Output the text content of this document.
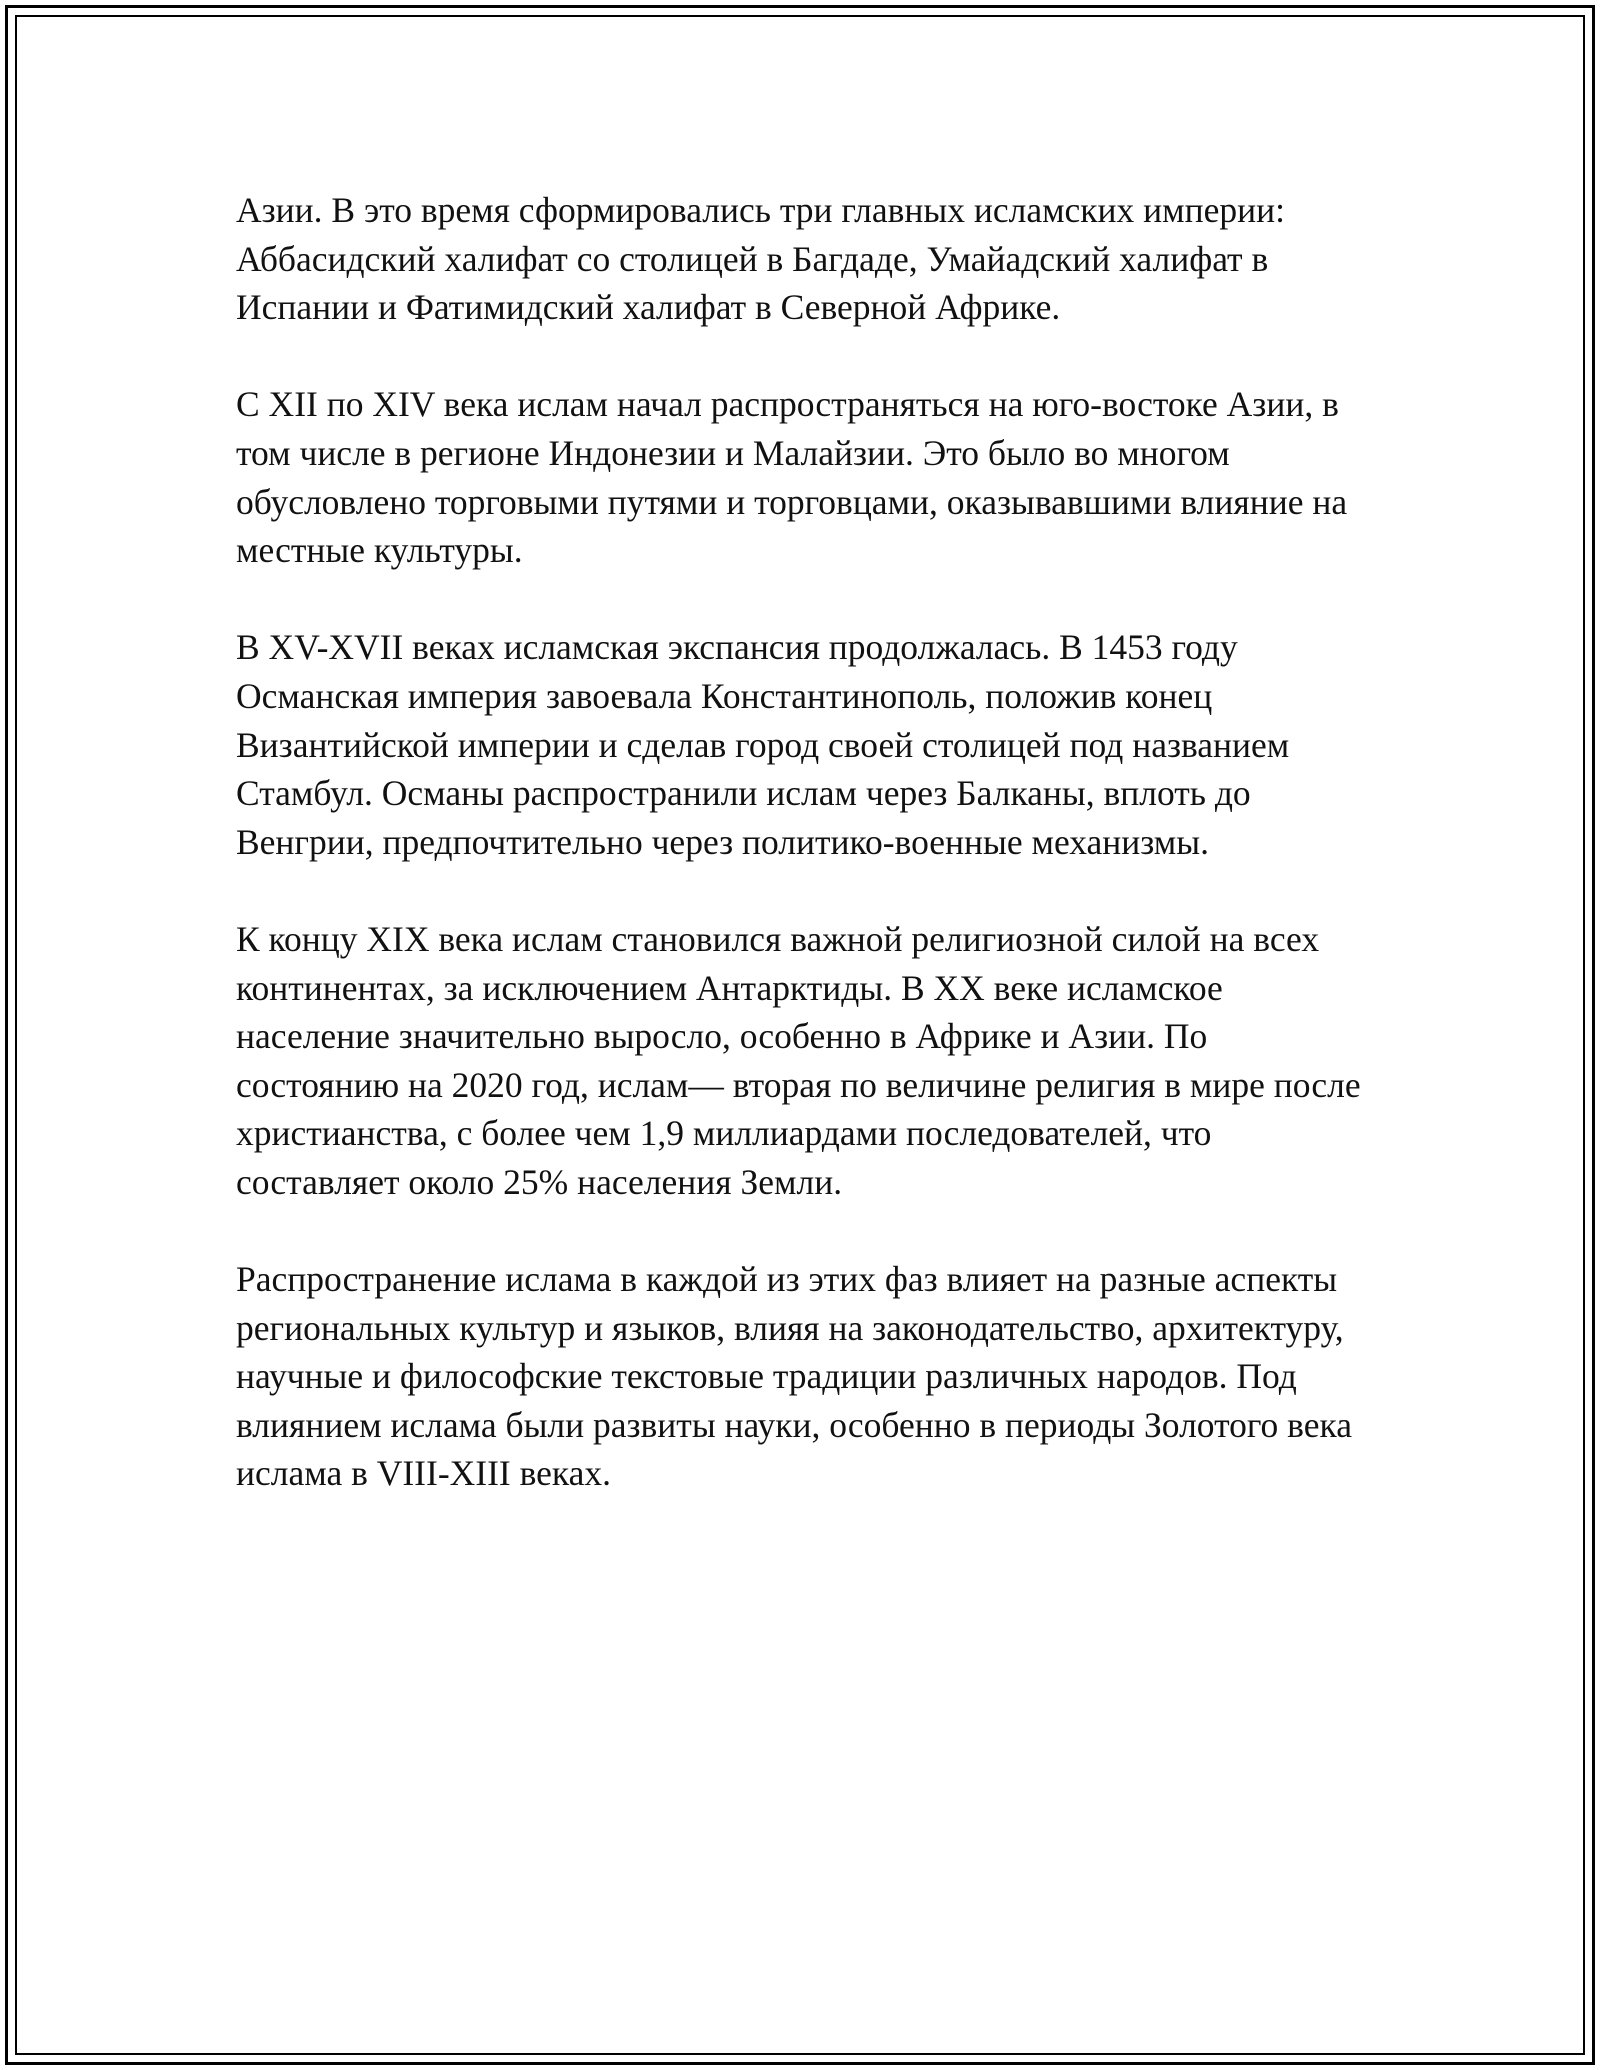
Азии. В это время сформировались три главных исламских империи: Аббасидский халифат со столицей в Багдаде, Умайадский халифат в Испании и Фатимидский халифат в Северной Африке.

С XII по XIV века ислам начал распространяться на юго-востоке Азии, в том числе в регионе Индонезии и Малайзии. Это было во многом обусловлено торговыми путями и торговцами, оказывавшими влияние на местные культуры.

В XV-XVII веках исламская экспансия продолжалась. В 1453 году Османская империя завоевала Константинополь, положив конец Византийской империи и сделав город своей столицей под названием Стамбул. Османы распространили ислам через Балканы, вплоть до Венгрии, предпочтительно через политико-военные механизмы.

К концу XIX века ислам становился важной религиозной силой на всех континентах, за исключением Антарктиды. В XX веке исламское население значительно выросло, особенно в Африке и Азии. По состоянию на 2020 год, ислам— вторая по величине религия в мире после христианства, с более чем 1,9 миллиардами последователей, что составляет около 25% населения Земли.

Распространение ислама в каждой из этих фаз влияет на разные аспекты региональных культур и языков, влияя на законодательство, архитектуру, научные и философские текстовые традиции различных народов. Под влиянием ислама были развиты науки, особенно в периоды Золотого века ислама в VIII-XIII веках.
